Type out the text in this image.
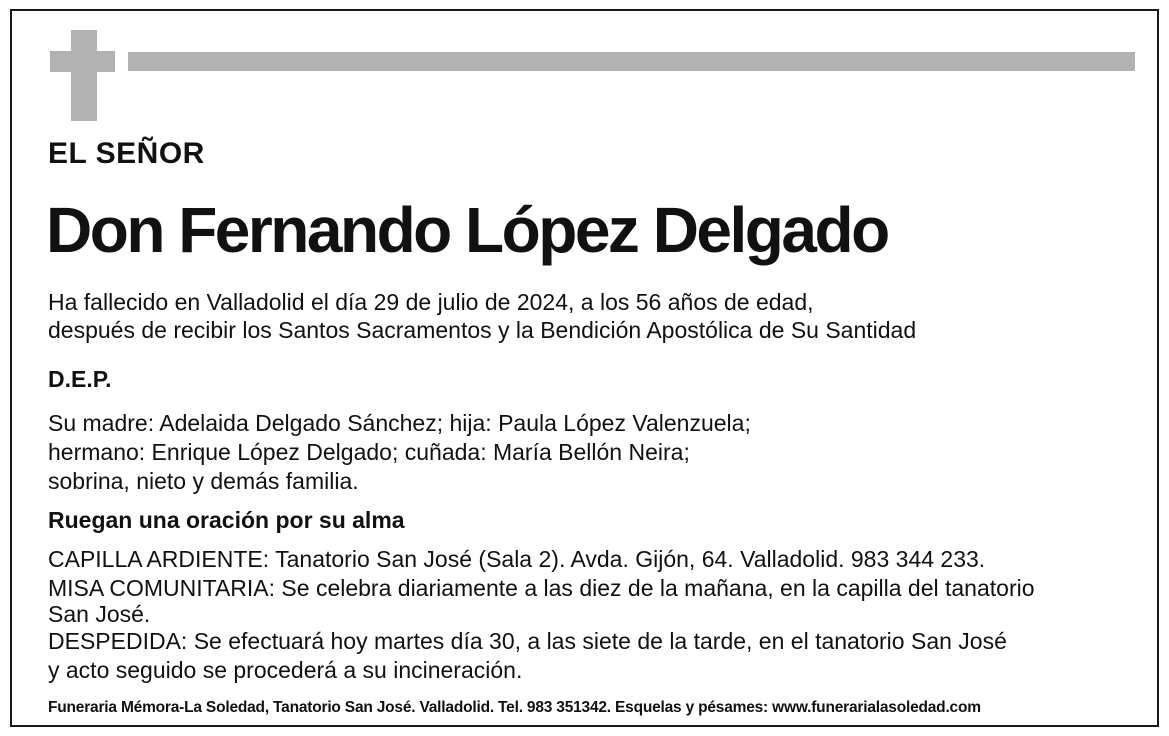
EL SEÑOR
Don Fernando López Delgado
Ha fallecido en Valladolid el día 29 de julio de 2024, a los 56 años de edad,
después de recibir los Santos Sacramentos y la Bendición Apostólica de Su Santidad
D.E.P.
Su madre: Adelaida Delgado Sánchez; hija: Paula López Valenzuela;
hermano: Enrique López Delgado; cuñada: María Bellón Neira;
sobrina, nieto y demás familia.
Ruegan una oración por su alma
CAPILLA ARDIENTE: Tanatorio San José (Sala 2). Avda. Gijón, 64. Valladolid. 983 344 233.
MISA COMUNITARIA: Se celebra diariamente a las diez de la mañana, en la capilla del tanatorio
San José.
DESPEDIDA: Se efectuará hoy martes día 30, a las siete de la tarde, en el tanatorio San José
y acto seguido se procederá a su incineración.
Funeraria Mémora-La Soledad, Tanatorio San José. Valladolid. Tel. 983 351342. Esquelas y pésames: www.funerarialasoledad.com
